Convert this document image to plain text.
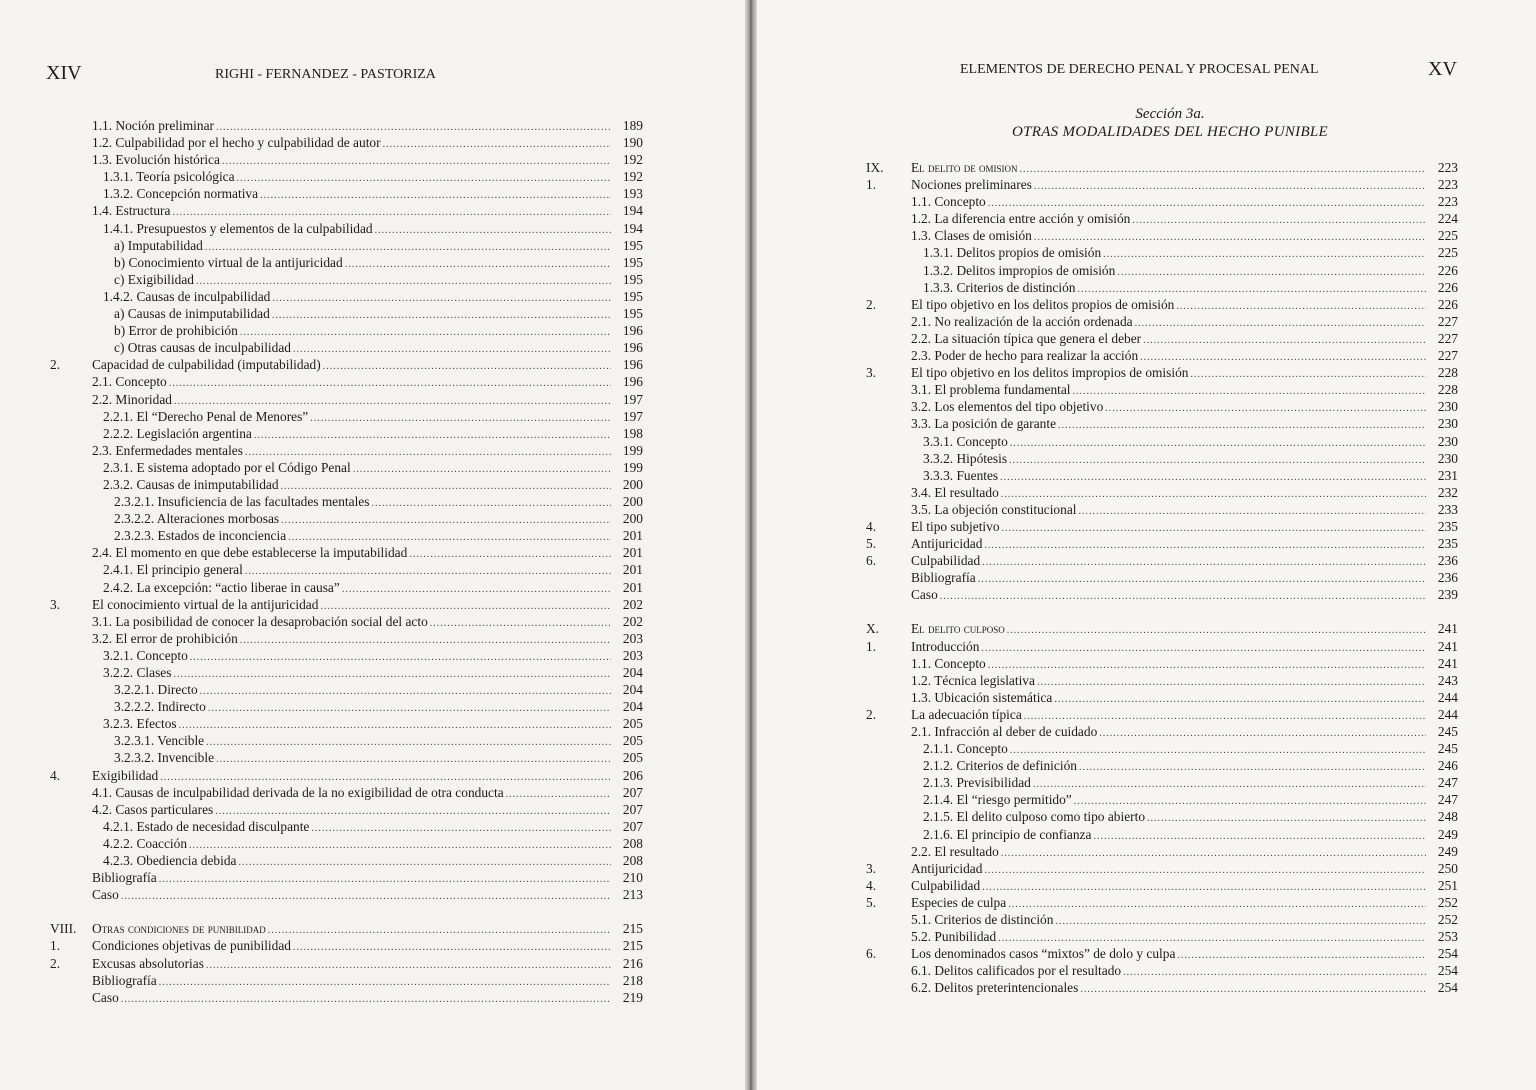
XIV	RIGHI - FERNANDEZ - PASTORIZA	ELEMENTOS DE DERECHO PENAL Y PROCESAL PENAL	XV
Sección 3a.
OTRAS MODALIDADES DEL HECHO PUNIBLE
1.1. Noción preliminar .....	189
1.2. Culpabilidad por el hecho y culpabilidad de autor .....	190
1.3. Evolución histórica .....	192
1.3.1. Teoría psicológica .....	192
1.3.2. Concepción normativa .....	193
1.4. Estructura .....	194
1.4.1. Presupuestos y elementos de la culpabilidad .....	194
a) Imputabilidad .....	195
b) Conocimiento virtual de la antijuricidad .....	195
c) Exigibilidad .....	195
1.4.2. Causas de inculpabilidad .....	195
a) Causas de inimputabilidad .....	195
b) Error de prohibición .....	196
c) Otras causas de inculpabilidad .....	196
2. Capacidad de culpabilidad (imputabilidad) .....	196
2.1. Concepto .....	196
2.2. Minoridad .....	197
2.2.1. El “Derecho Penal de Menores” .....	197
2.2.2. Legislación argentina .....	198
2.3. Enfermedades mentales .....	199
2.3.1. E sistema adoptado por el Código Penal .....	199
2.3.2. Causas de inimputabilidad .....	200
2.3.2.1. Insuficiencia de las facultades mentales .....	200
2.3.2.2. Alteraciones morbosas .....	200
2.3.2.3. Estados de inconciencia .....	201
2.4. El momento en que debe establecerse la imputabilidad .....	201
2.4.1. El principio general .....	201
2.4.2. La excepción: “actio liberae in causa” .....	201
3. El conocimiento virtual de la antijuricidad .....	202
3.1. La posibilidad de conocer la desaprobación social del acto .....	202
3.2. El error de prohibición .....	203
3.2.1. Concepto .....	203
3.2.2. Clases .....	204
3.2.2.1. Directo .....	204
3.2.2.2. Indirecto .....	204
3.2.3. Efectos .....	205
3.2.3.1. Vencible .....	205
3.2.3.2. Invencible .....	205
4. Exigibilidad .....	206
4.1. Causas de inculpabilidad derivada de la no exigibilidad de otra conducta .....	207
4.2. Casos particulares .....	207
4.2.1. Estado de necesidad disculpante .....	207
4.2.2. Coacción .....	208
4.2.3. Obediencia debida .....	208
Bibliografía .....	210
Caso .....	213
VIII. Otras condiciones de punibilidad .....	215
1. Condiciones objetivas de punibilidad .....	215
2. Excusas absolutorias .....	216
Bibliografía .....	218
Caso .....	219
IX. El delito de omision .....	223
1.	Nociones preliminares .....	223
1.1. Concepto .....	223
1.2. La diferencia entre acción y omisión .....	224
1.3. Clases de omisión .....	225
1.3.1. Delitos propios de omisión .....	225
1.3.2. Delitos impropios de omisión .....	226
1.3.3. Criterios de distinción .....	226
2.	El tipo objetivo en los delitos propios de omisión .....	226
2.1. No realización de la acción ordenada .....	227
2.2. La situación típica que genera el deber .....	227
2.3. Poder de hecho para realizar la acción .....	227
3.	El tipo objetivo en los delitos impropios de omisión .....	228
3.1. El problema fundamental .....	228
3.2. Los elementos del tipo objetivo .....	230
3.3. La posición de garante .....	230
3.3.1. Concepto .....	230
3.3.2. Hipótesis .....	230
3.3.3. Fuentes .....	231
3.4. El resultado .....	232
3.5. La objeción constitucional .....	233
4.	El tipo subjetivo .....	235
5.	Antijuricidad .....	235
6.	Culpabilidad .....	236
Bibliografía .....	236
Caso .....	239
X. El delito culposo .....	241
1.	Introducción .....	241
1.1. Concepto .....	241
1.2. Técnica legislativa .....	243
1.3. Ubicación sistemática .....	244
2.	La adecuación típica .....	244
2.1. Infracción al deber de cuidado .....	245
2.1.1. Concepto .....	245
2.1.2. Criterios de definición .....	246
2.1.3. Previsibilidad .....	247
2.1.4. El “riesgo permitido” .....	247
2.1.5. El delito culposo como tipo abierto .....	248
2.1.6. El principio de confianza .....	249
2.2. El resultado .....	249
3.	Antijuricidad .....	250
4.	Culpabilidad .....	251
5.	Especies de culpa .....	252
5.1. Criterios de distinción .....	252
5.2. Punibilidad .....	253
6.	Los denominados casos “mixtos” de dolo y culpa .....	254
6.1. Delitos calificados por el resultado .....	254
6.2. Delitos preterintencionales .....	254
